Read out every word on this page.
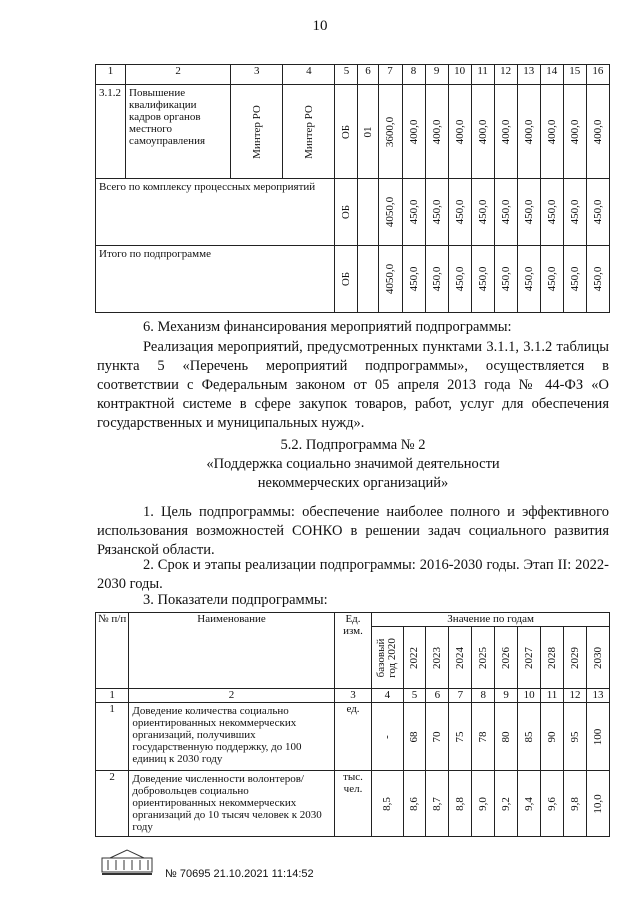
10
1	2	3	4	5	6	7	8	9	10	11	12	13	14	15	16
3.1.2	Повышение квалификации кадров органов местного самоуправления	Минтер РО	Минтер РО	ОБ	01	3600,0	400,0	400,0	400,0	400,0	400,0	400,0	400,0	400,0	400,0

Всего по комплексу процессных мероприятий				ОБ		4050,0	450,0	450,0	450,0	450,0	450,0	450,0	450,0	450,0	450,0

Итого по подпрограмме				ОБ		4050,0	450,0	450,0	450,0	450,0	450,0	450,0	450,0	450,0	450,0

6. Механизм финансирования мероприятий подпрограммы:

Реализация мероприятий, предусмотренных пунктами 3.1.1, 3.1.2 таблицы пункта 5 «Перечень мероприятий подпрограммы», осуществляется в соответствии с Федеральным законом от 05 апреля 2013 года № 44-ФЗ «О контрактной системе в сфере закупок товаров, работ, услуг для обеспечения государственных и муниципальных нужд».

5.2. Подпрограмма № 2

«Поддержка социально значимой деятельности некоммерческих организаций»

1. Цель подпрограммы: обеспечение наиболее полного и эффективного использования возможностей СОНКО в решении задач социального развития Рязанской области.

2. Срок и этапы реализации подпрограммы: 2016-2030 годы. Этап II: 2022-2030 годы.

3. Показатели подпрограммы:

№ п/п	Наименование	Ед. изм.	Значение по годам									

			базовый год 2020	2022	2023	2024	2025	2026	2027	2028	2029	2030

1	2	3	4	5	6	7	8	9	10	11	12	13
1	Доведение количества социально ориентированных некоммерческих организаций, получивших государственную поддержку, до 100 единиц к 2030 году	ед.	-	68	70	75	78	80	85	90	95	100

2	Доведение численности волонтеров/добровольцев социально ориентированных некоммерческих организаций до 10 тысяч человек к 2030 году	тыс. чел.	8,5	8,6	8,7	8,8	9,0	9,2	9,4	9,6	9,8	10,0
№ 70695 21.10.2021 11:14:52
